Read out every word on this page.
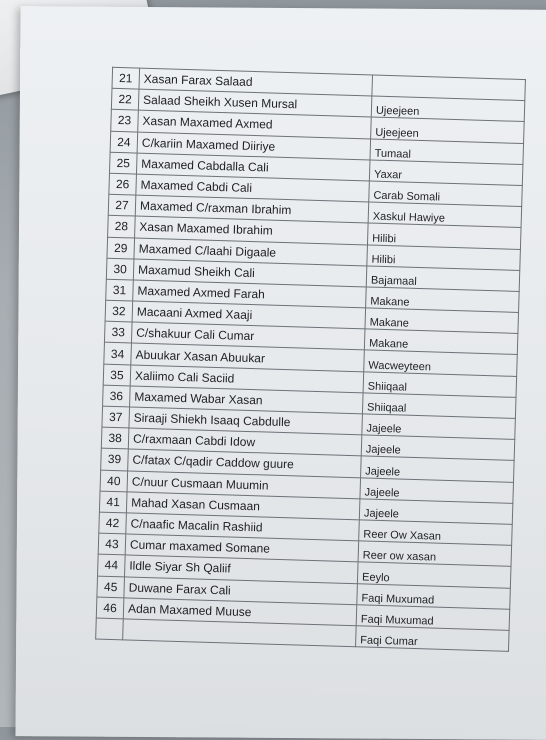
21	Xasan Farax Salaad	
22	Salaad Sheikh Xusen Mursal	Ujeejeen
23	Xasan Maxamed Axmed	Ujeejeen
24	C/kariin Maxamed Diiriye	Tumaal
25	Maxamed Cabdalla Cali	Yaxar
26	Maxamed Cabdi Cali	Carab Somali
27	Maxamed C/raxman Ibrahim	Xaskul Hawiye
28	Xasan Maxamed Ibrahim	Hilibi
29	Maxamed C/laahi Digaale	Hilibi
30	Maxamud Sheikh Cali	Bajamaal
31	Maxamed Axmed Farah	Makane
32	Macaani Axmed Xaaji	Makane
33	C/shakuur Cali Cumar	Makane
34	Abuukar Xasan Abuukar	Wacweyteen
35	Xaliimo Cali Saciid	Shiiqaal
36	Maxamed Wabar Xasan	Shiiqaal
37	Siraaji Shiekh Isaaq Cabdulle	Jajeele
38	C/raxmaan Cabdi Idow	Jajeele
39	C/fatax C/qadir Caddow guure	Jajeele
40	C/nuur Cusmaan Muumin	Jajeele
41	Mahad Xasan Cusmaan	Jajeele
42	C/naafic Macalin Rashiid	Reer Ow Xasan
43	Cumar maxamed Somane	Reer ow xasan
44	Ildle Siyar Sh Qaliif	Eeylo
45	Duwane Farax Cali	Faqi Muxumad
46	Adan Maxamed Muuse	Faqi Muxumad
		Faqi Cumar
